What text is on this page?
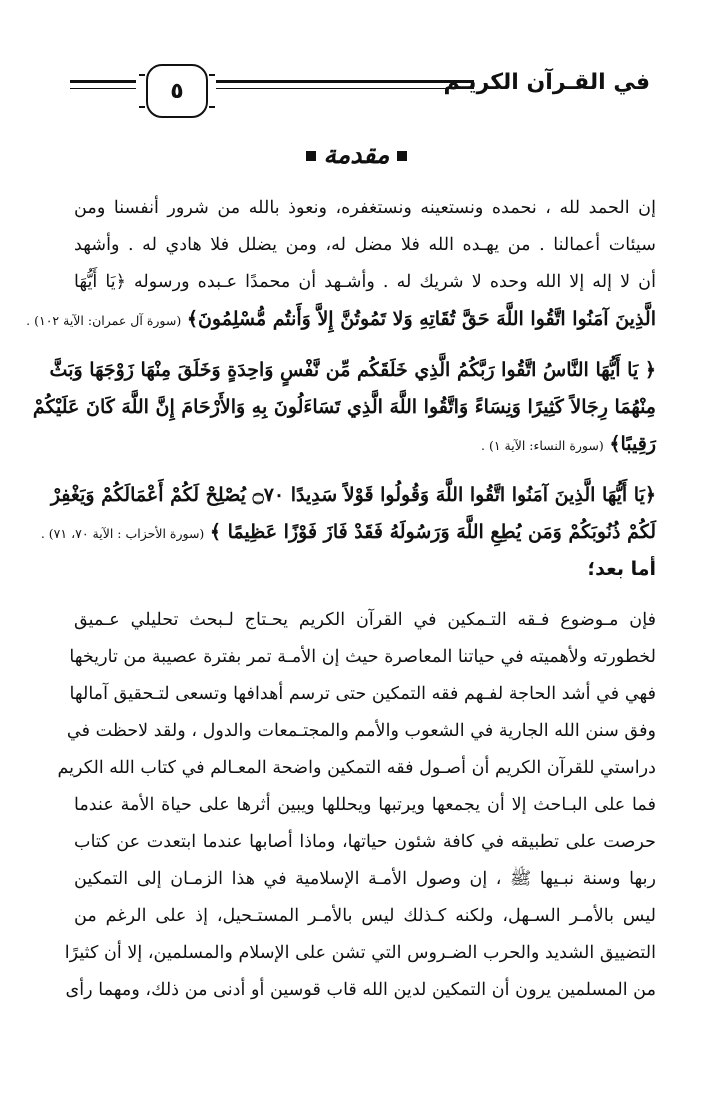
٥	في القـرآن الكريـم
مقدمة
إن الحمد لله ، نحمده ونستعينه ونستغفره، ونعوذ بالله من شرور أنفسنا ومن
سيئات أعمالنا . من يهـده الله فلا مضل له، ومن يضلل فلا هادي له . وأشهد
أن لا إله إلا الله وحده لا شريك له . وأشـهد أن محمدًا عـبده ورسوله ﴿يَا أَيُّهَا
الَّذِينَ آمَنُوا اتَّقُوا اللَّهَ حَقَّ تُقَاتِهِ وَلا تَمُوتُنَّ إِلاَّ وَأَنتُم مُّسْلِمُونَ﴾ (سورة آل عمران: الآية ١٠٢) .
﴿ يَا أَيُّهَا النَّاسُ اتَّقُوا رَبَّكُمُ الَّذِي خَلَقَكُم مِّن نَّفْسٍ وَاحِدَةٍ وَخَلَقَ مِنْهَا زَوْجَهَا وَبَثَّ
مِنْهُمَا رِجَالاً كَثِيرًا وَنِسَاءً وَاتَّقُوا اللَّهَ الَّذِي تَسَاءَلُونَ بِهِ وَالأَرْحَامَ إِنَّ اللَّهَ كَانَ عَلَيْكُمْ
رَقِيبًا﴾ (سورة النساء: الآية ١) .
﴿يَا أَيُّهَا الَّذِينَ آمَنُوا اتَّقُوا اللَّهَ وَقُولُوا قَوْلاً سَدِيدًا ۝٧٠ يُصْلِحْ لَكُمْ أَعْمَالَكُمْ وَيَغْفِرْ
لَكُمْ ذُنُوبَكُمْ وَمَن يُطِعِ اللَّهَ وَرَسُولَهُ فَقَدْ فَازَ فَوْزًا عَظِيمًا ﴾ (سورة الأحزاب : الآية ٧٠، ٧١) .
أما بعد؛
فإن مـوضوع فـقه التـمكين في القرآن الكريم يحـتاج لـبحث تحليلي عـميق
لخطورته ولأهميته في حياتنا المعاصرة حيث إن الأمـة تمر بفترة عصيبة من تاريخها
فهي في أشد الحاجة لفـهم فقه التمكين حتى ترسم أهدافها وتسعى لتـحقيق آمالها
وفق سنن الله الجارية في الشعوب والأمم والمجتـمعات والدول ، ولقد لاحظت في
دراستي للقرآن الكريم أن أصـول فقه التمكين واضحة المعـالم في كتاب الله الكريم
فما على البـاحث إلا أن يجمعها ويرتبها ويحللها ويبين أثرها على حياة الأمة عندما
حرصت على تطبيقه في كافة شئون حياتها، وماذا أصابها عندما ابتعدت عن كتاب
ربها وسنة نبـيها ﷺ ، إن وصول الأمـة الإسلامية في هذا الزمـان إلى التمكين
ليس بالأمـر السـهل، ولكنه كـذلك ليس بالأمـر المستـحيل، إذ على الرغم من
التضييق الشديد والحرب الضـروس التي تشن على الإسلام والمسلمين، إلا أن كثيرًا
من المسلمين يرون أن التمكين لدين الله قاب قوسين أو أدنى من ذلك، ومهما رأى
